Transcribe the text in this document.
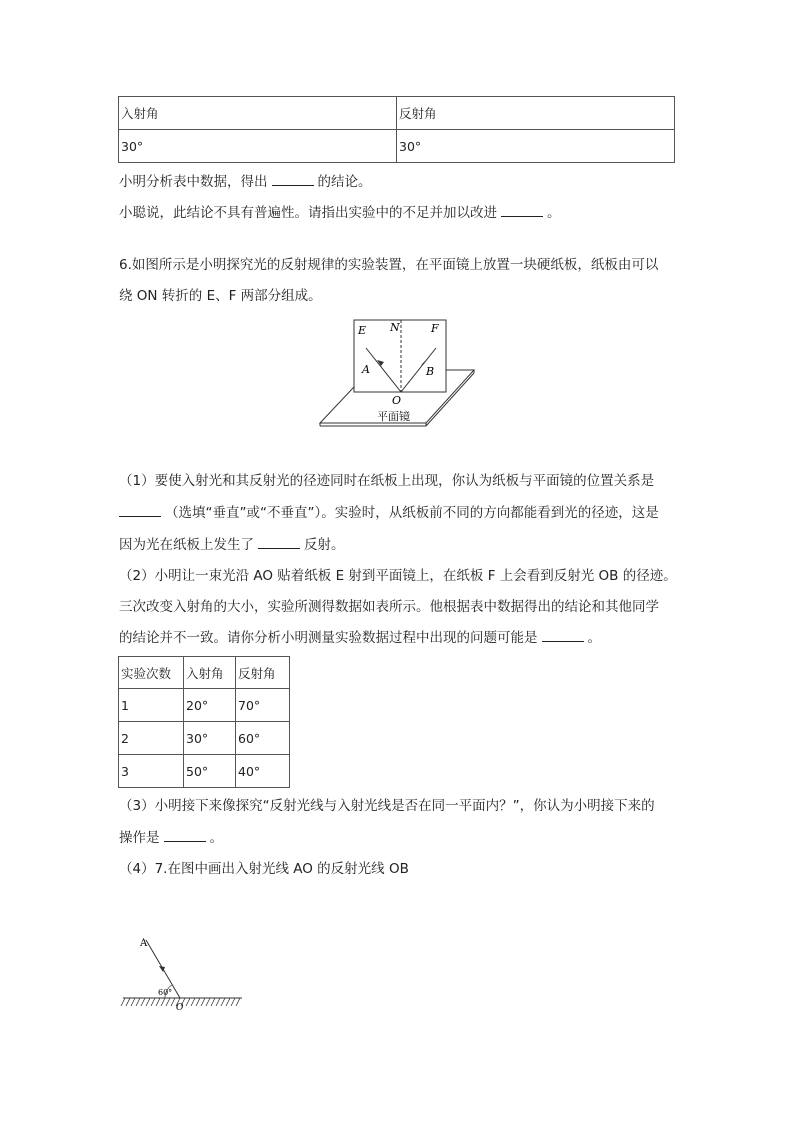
入射角	反射角
30°	30°
小明分析表中数据，得出	的结论。
小聪说，此结论不具有普遍性。请指出实验中的不足并加以改进	。
6.如图所示是小明探究光的反射规律的实验装置，在平面镜上放置一块硬纸板，纸板由可以
绕 ON 转折的 E、F 两部分组成。
E N	F
A	B
O
平面镜
（1）要使入射光和其反射光的径迹同时在纸板上出现，你认为纸板与平面镜的位置关系是
（选填“垂直”或“不垂直”）。实验时，从纸板前不同的方向都能看到光的径迹，这是
因为光在纸板上发生了	反射。
（2）小明让一束光沿 AO 贴着纸板 E 射到平面镜上，在纸板 F 上会看到反射光 OB 的径迹。
三次改变入射角的大小，实验所测得数据如表所示。他根据表中数据得出的结论和其他同学
的结论并不一致。请你分析小明测量实验数据过程中出现的问题可能是	。
实验次数	入射角	反射角
1	20°	70°
2	30°	60°
3	50°	40°
（3）小明接下来像探究“反射光线与入射光线是否在同一平面内？”，你认为小明接下来的
操作是	。
（4）7.在图中画出入射光线 AO 的反射光线 OB
A
60°
O
